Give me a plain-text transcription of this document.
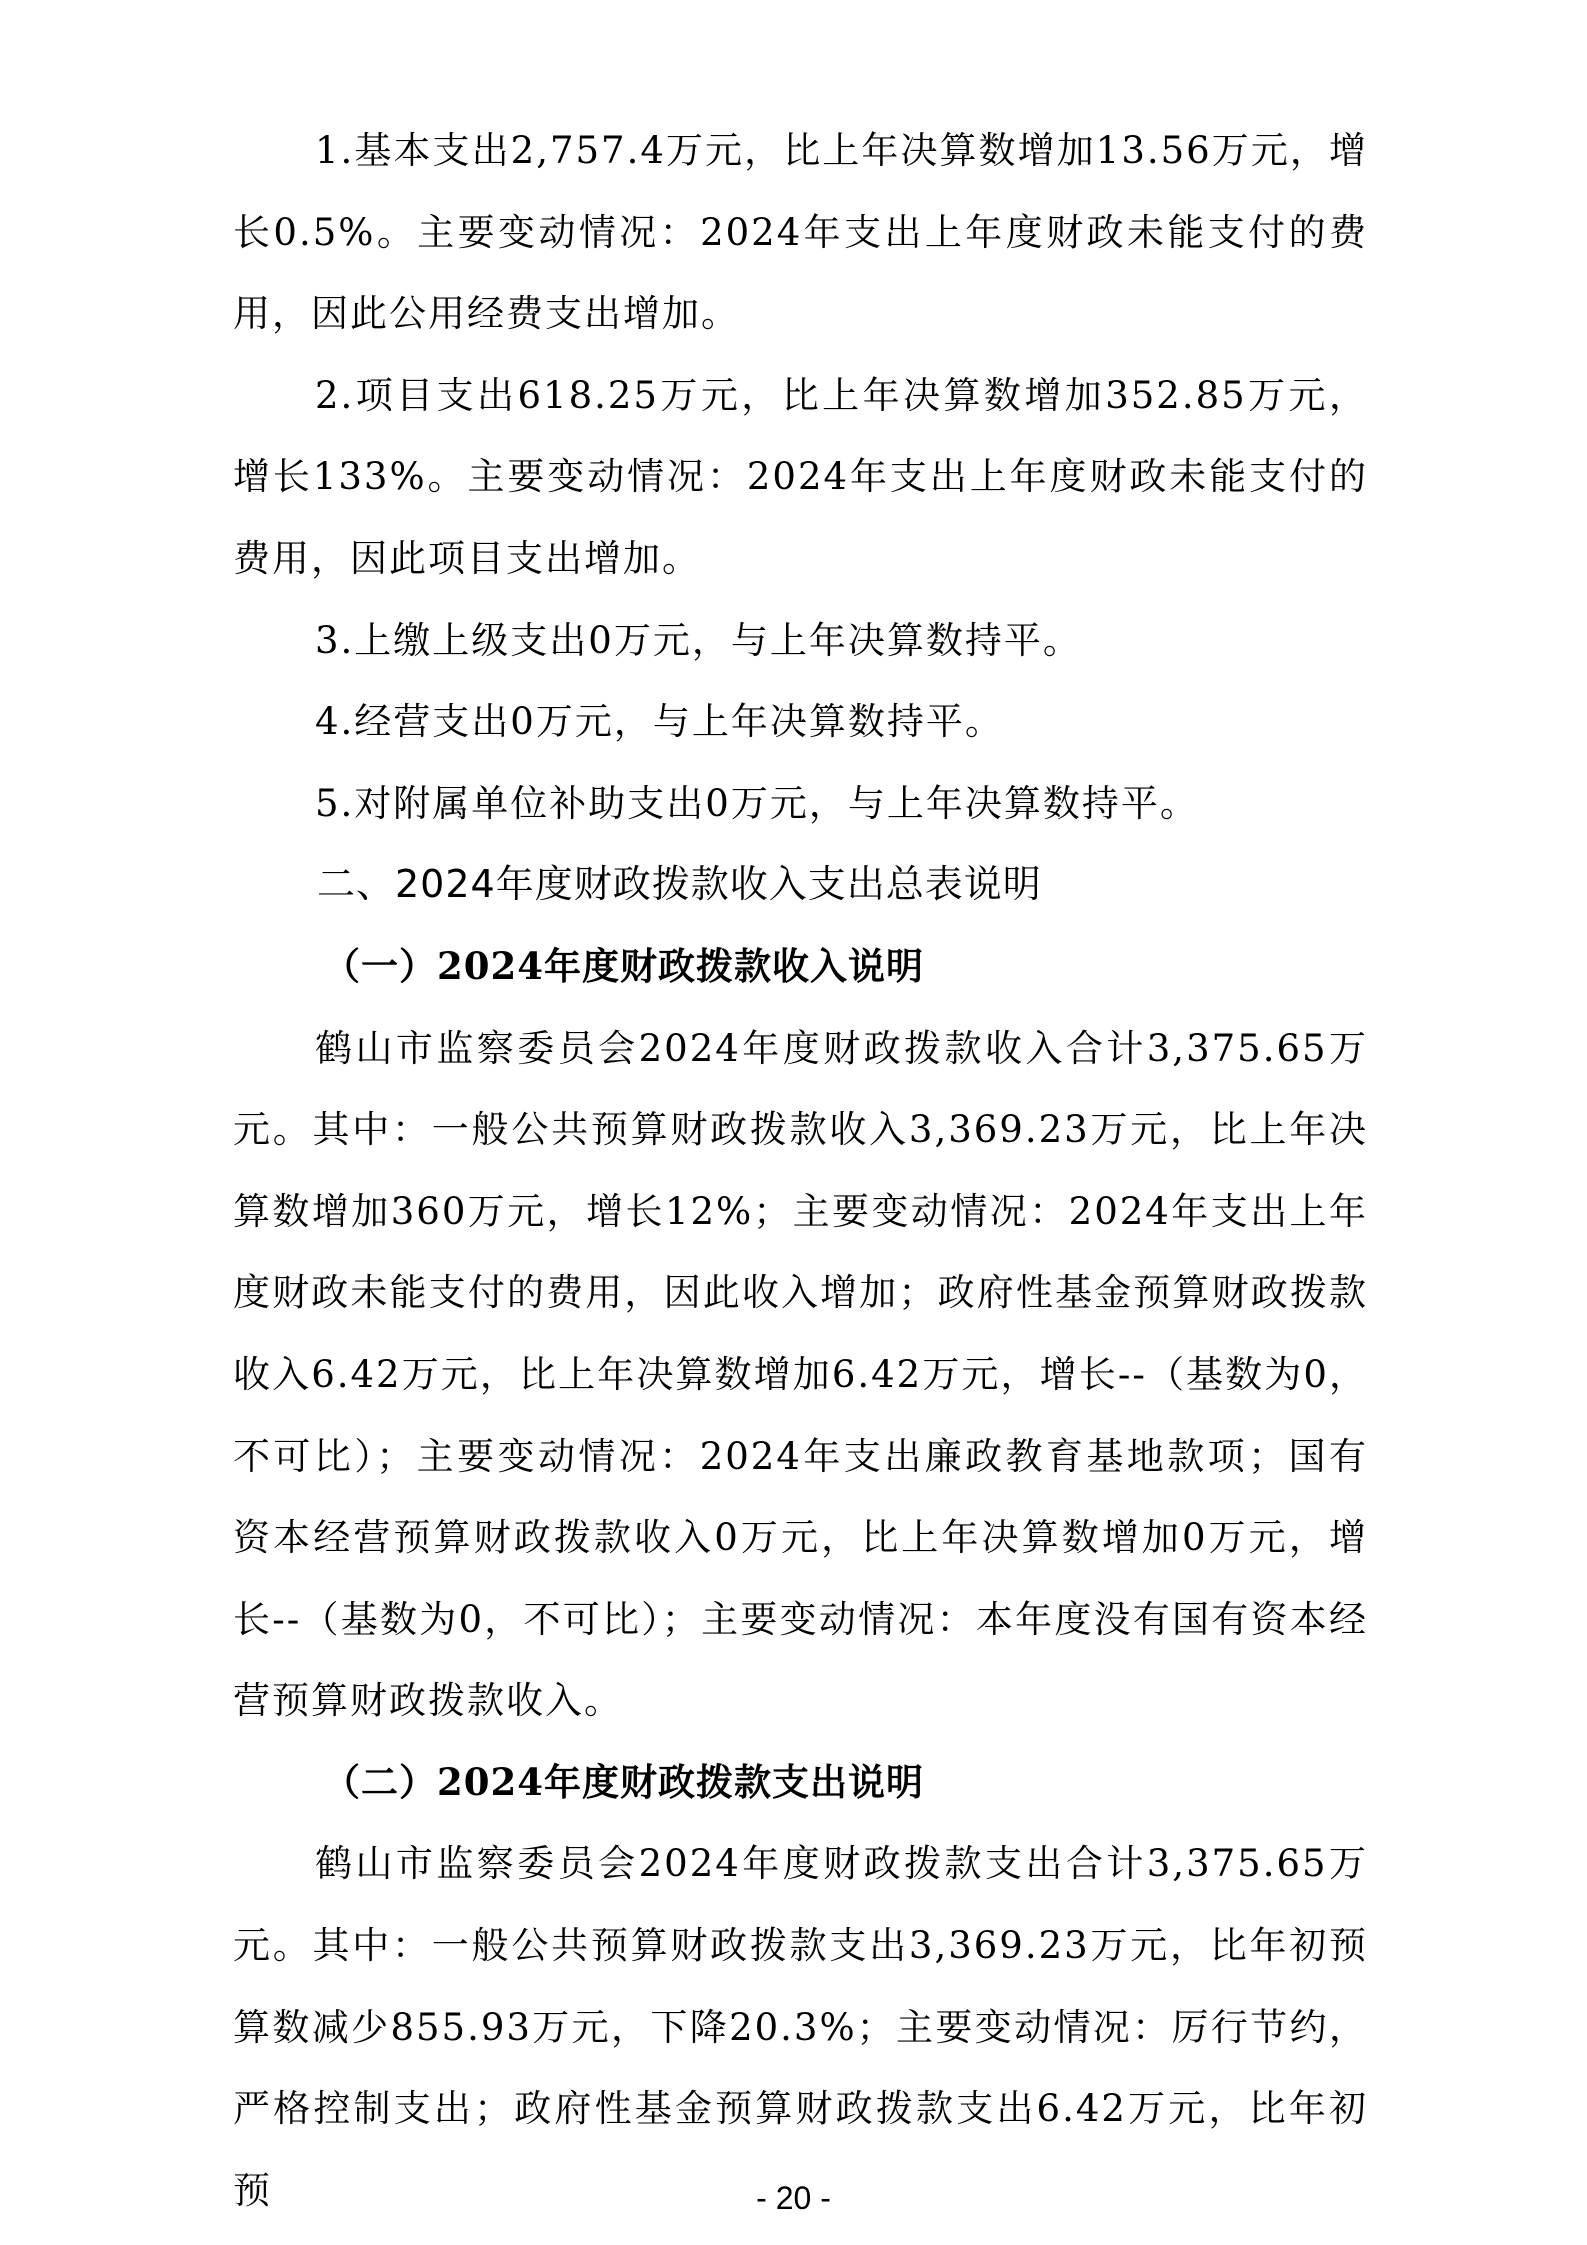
1.基本支出2,757.4万元，比上年决算数增加13.56万元，增长0.5%。主要变动情况：2024年支出上年度财政未能支付的费用，因此公用经费支出增加。

2.项目支出618.25万元，比上年决算数增加352.85万元，增长133%。主要变动情况：2024年支出上年度财政未能支付的费用，因此项目支出增加。

3.上缴上级支出0万元，与上年决算数持平。

4.经营支出0万元，与上年决算数持平。

5.对附属单位补助支出0万元，与上年决算数持平。

二、2024年度财政拨款收入支出总表说明
（一）2024年度财政拨款收入说明

鹤山市监察委员会2024年度财政拨款收入合计3,375.65万元。其中：一般公共预算财政拨款收入3,369.23万元，比上年决算数增加360万元，增长12%；主要变动情况：2024年支出上年度财政未能支付的费用，因此收入增加；政府性基金预算财政拨款收入6.42万元，比上年决算数增加6.42万元，增长--（基数为0，不可比）；主要变动情况：2024年支出廉政教育基地款项；国有资本经营预算财政拨款收入0万元，比上年决算数增加0万元，增长--（基数为0，不可比）；主要变动情况：本年度没有国有资本经营预算财政拨款收入。

（二）2024年度财政拨款支出说明

鹤山市监察委员会2024年度财政拨款支出合计3,375.65万元。其中：一般公共预算财政拨款支出3,369.23万元，比年初预算数减少855.93万元，下降20.3%；主要变动情况：厉行节约，严格控制支出；政府性基金预算财政拨款支出6.42万元，比年初预	- 20 -
